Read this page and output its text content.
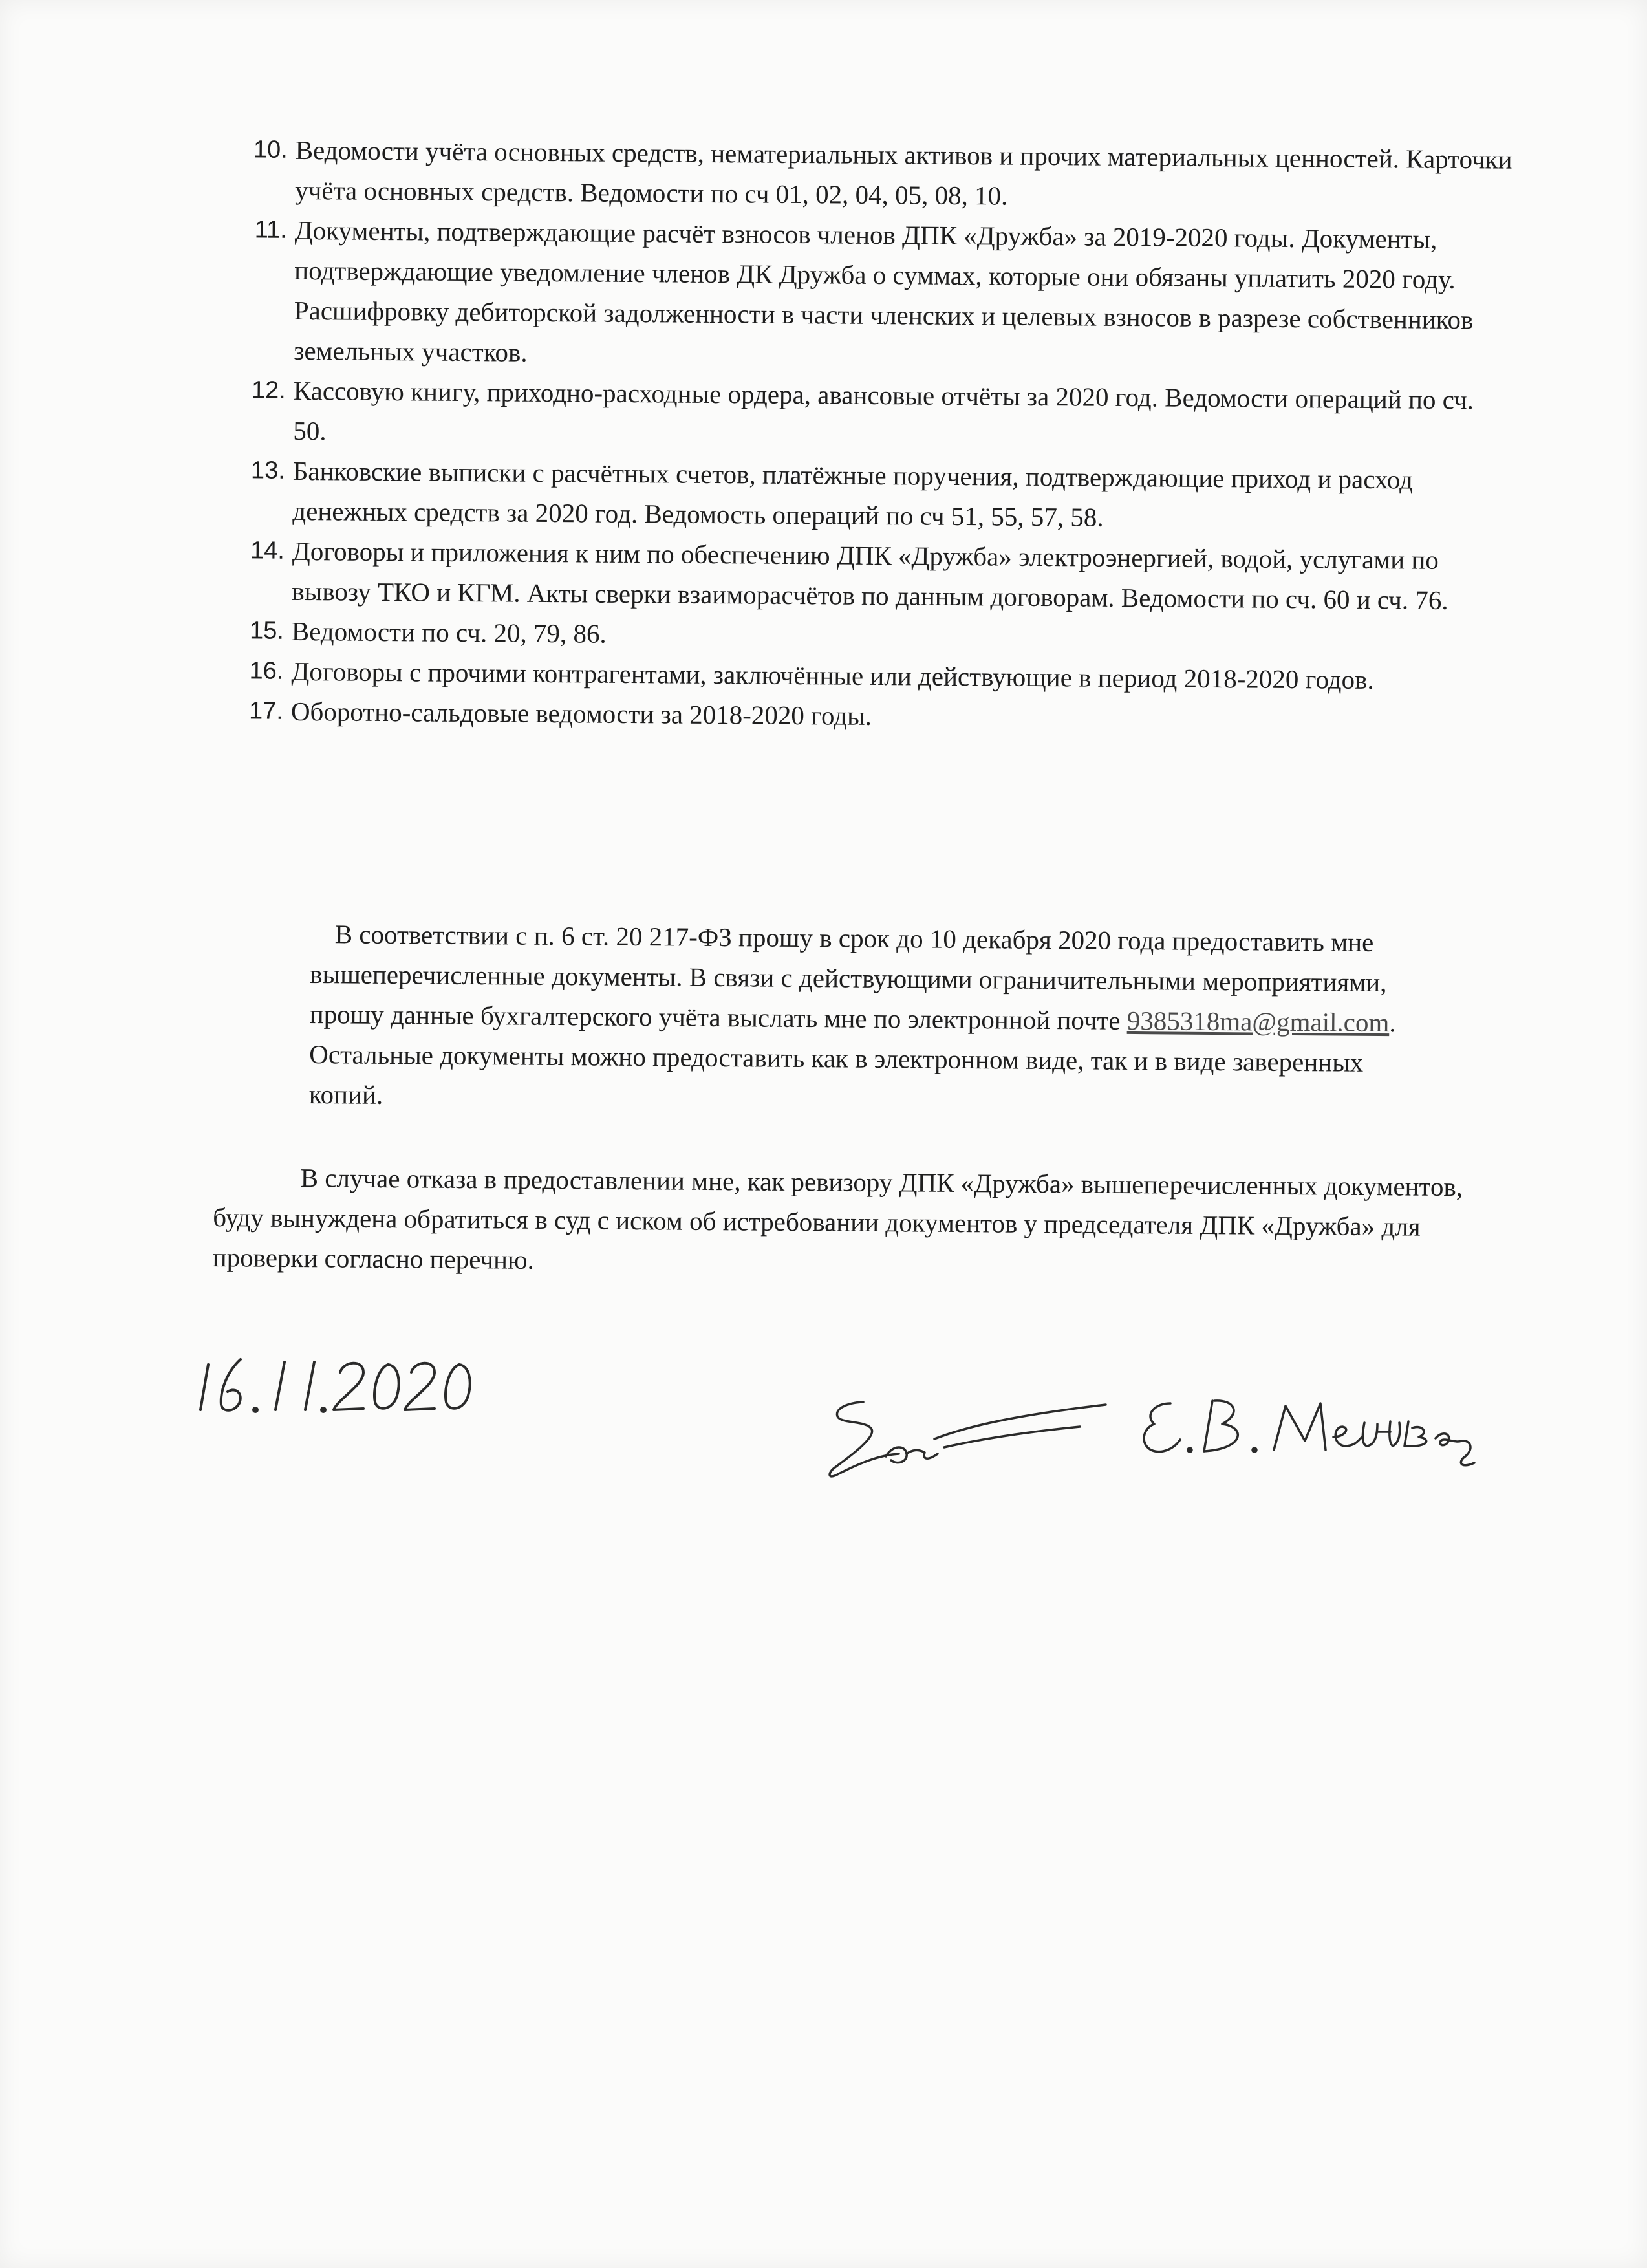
10. Ведомости учёта основных средств, нематериальных активов и прочих материальных ценностей. Карточки учёта основных средств. Ведомости по сч 01, 02, 04, 05, 08, 10.
11. Документы, подтверждающие расчёт взносов членов ДПК «Дружба» за 2019-2020 годы. Документы, подтверждающие уведомление членов ДК Дружба о суммах, которые они обязаны уплатить 2020 году. Расшифровку дебиторской задолженности в части членских и целевых взносов в разрезе собственников земельных участков.
12. Кассовую книгу, приходно-расходные ордера, авансовые отчёты за 2020 год. Ведомости операций по сч. 50.
13. Банковские выписки с расчётных счетов, платёжные поручения, подтверждающие приход и расход денежных средств за 2020 год. Ведомость операций по сч 51, 55, 57, 58.
14. Договоры и приложения к ним по обеспечению ДПК «Дружба» электроэнергией, водой, услугами по вывозу ТКО и КГМ. Акты сверки взаиморасчётов по данным договорам. Ведомости по сч. 60 и сч. 76.
15. Ведомости по сч. 20, 79, 86.
16. Договоры с прочими контрагентами, заключённые или действующие в период 2018-2020 годов.
17. Оборотно-сальдовые ведомости за 2018-2020 годы.

В соответствии с п. 6 ст. 20 217-ФЗ прошу в срок до 10 декабря 2020 года предоставить мне вышеперечисленные документы. В связи с действующими ограничительными мероприятиями, прошу данные бухгалтерского учёта выслать мне по электронной почте 9385318ma@gmail.com. Остальные документы можно предоставить как в электронном виде, так и в виде заверенных копий.

В случае отказа в предоставлении мне, как ревизору ДПК «Дружба» вышеперечисленных документов, буду вынуждена обратиться в суд с иском об истребовании документов у председателя ДПК «Дружба» для проверки согласно перечню.
